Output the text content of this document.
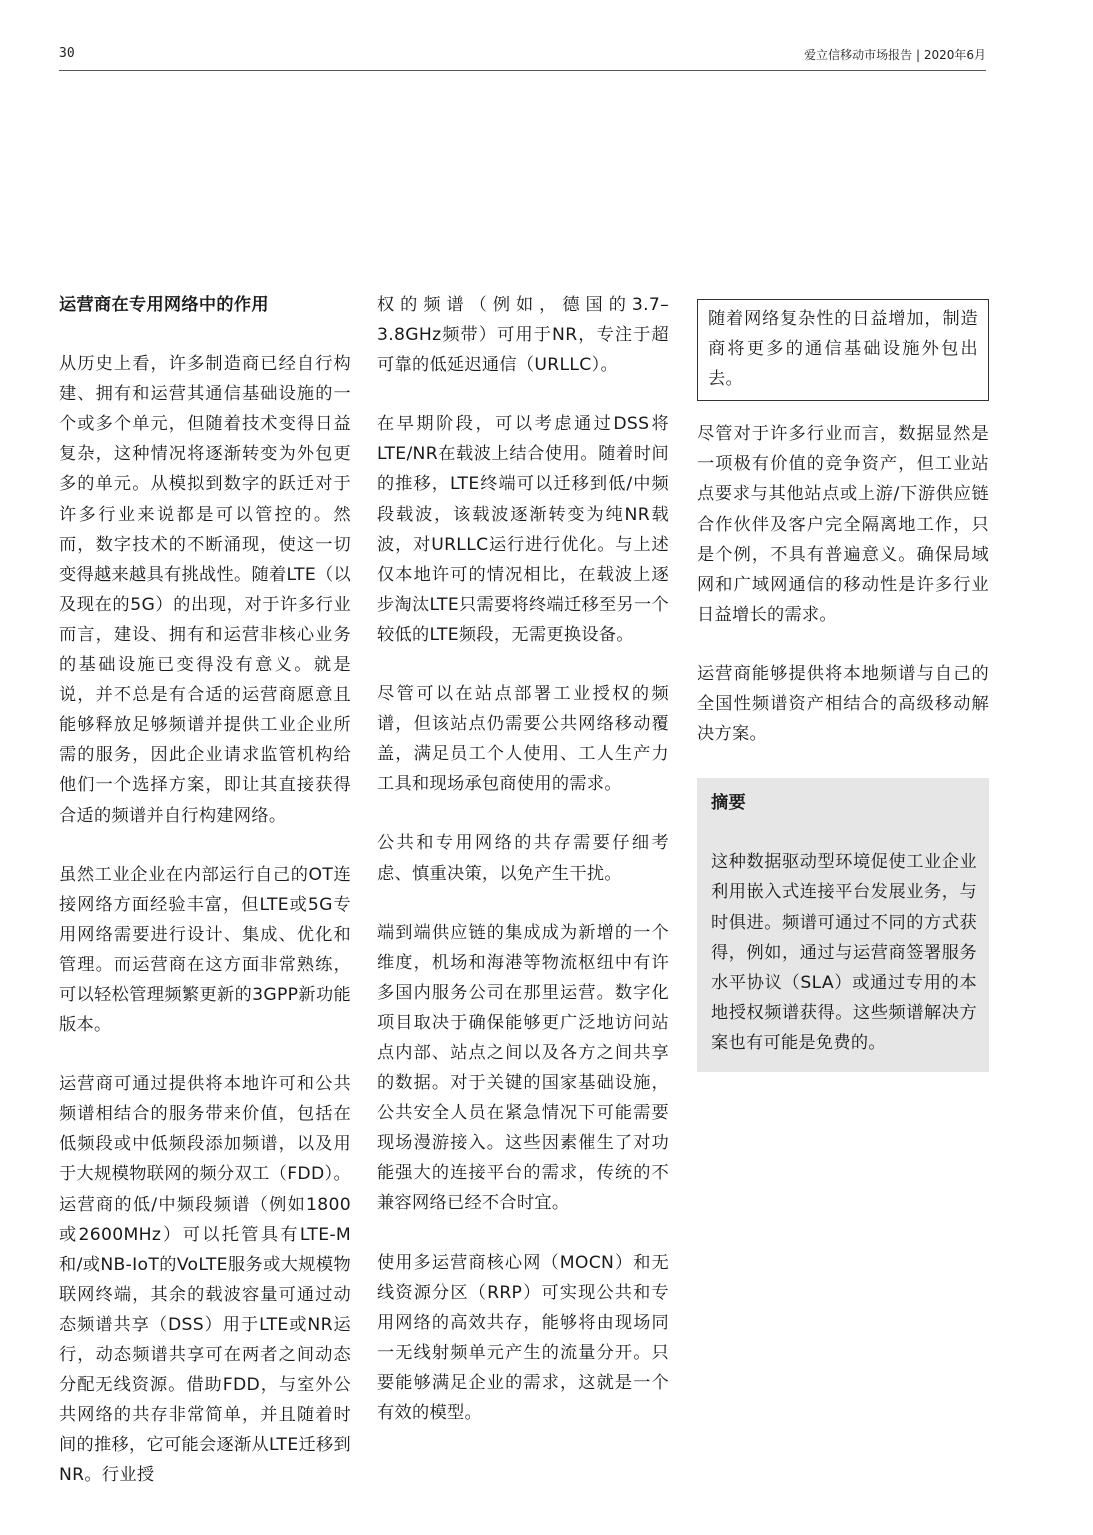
30	爱立信移动市场报告 | 2020年6月

运营商在专用网络中的作用

从历史上看，许多制造商已经自行构建、拥有和运营其通信基础设施的一个或多个单元，但随着技术变得日益复杂，这种情况将逐渐转变为外包更多的单元。从模拟到数字的跃迁对于许多行业来说都是可以管控的。然而，数字技术的不断涌现，使这一切变得越来越具有挑战性。随着LTE（以及现在的5G）的出现，对于许多行业而言，建设、拥有和运营非核心业务的基础设施已变得没有意义。就是说，并不总是有合适的运营商愿意且能够释放足够频谱并提供工业企业所需的服务，因此企业请求监管机构给他们一个选择方案，即让其直接获得合适的频谱并自行构建网络。

虽然工业企业在内部运行自己的OT连接网络方面经验丰富，但LTE或5G专用网络需要进行设计、集成、优化和管理。而运营商在这方面非常熟练，可以轻松管理频繁更新的3GPP新功能版本。

运营商可通过提供将本地许可和公共频谱相结合的服务带来价值，包括在低频段或中低频段添加频谱，以及用于大规模物联网的频分双工（FDD）。运营商的低/中频段频谱（例如1800或2600MHz）可以托管具有LTE-M和/或NB-IoT的VoLTE服务或大规模物联网终端，其余的载波容量可通过动态频谱共享（DSS）用于LTE或NR运行，动态频谱共享可在两者之间动态分配无线资源。借助FDD，与室外公共网络的共存非常简单，并且随着时间的推移，它可能会逐渐从LTE迁移到NR。行业授

权的频谱（例如，德国的3.7–3.8GHz频带）可用于NR，专注于超可靠的低延迟通信（URLLC）。

在早期阶段，可以考虑通过DSS将LTE/NR在载波上结合使用。随着时间的推移，LTE终端可以迁移到低/中频段载波，该载波逐渐转变为纯NR载波，对URLLC运行进行优化。与上述仅本地许可的情况相比，在载波上逐步淘汰LTE只需要将终端迁移至另一个较低的LTE频段，无需更换设备。

尽管可以在站点部署工业授权的频谱，但该站点仍需要公共网络移动覆盖，满足员工个人使用、工人生产力工具和现场承包商使用的需求。

公共和专用网络的共存需要仔细考虑、慎重决策，以免产生干扰。

端到端供应链的集成成为新增的一个维度，机场和海港等物流枢纽中有许多国内服务公司在那里运营。数字化项目取决于确保能够更广泛地访问站点内部、站点之间以及各方之间共享的数据。对于关键的国家基础设施，公共安全人员在紧急情况下可能需要现场漫游接入。这些因素催生了对功能强大的连接平台的需求，传统的不兼容网络已经不合时宜。

使用多运营商核心网（MOCN）和无线资源分区（RRP）可实现公共和专用网络的高效共存，能够将由现场同一无线射频单元产生的流量分开。只要能够满足企业的需求，这就是一个有效的模型。

随着网络复杂性的日益增加，制造商将更多的通信基础设施外包出去。

尽管对于许多行业而言，数据显然是一项极有价值的竞争资产，但工业站点要求与其他站点或上游/下游供应链合作伙伴及客户完全隔离地工作，只是个例，不具有普遍意义。确保局域网和广域网通信的移动性是许多行业日益增长的需求。

运营商能够提供将本地频谱与自己的全国性频谱资产相结合的高级移动解决方案。

摘要

这种数据驱动型环境促使工业企业利用嵌入式连接平台发展业务，与时俱进。频谱可通过不同的方式获得，例如，通过与运营商签署服务水平协议（SLA）或通过专用的本地授权频谱获得。这些频谱解决方案也有可能是免费的。
